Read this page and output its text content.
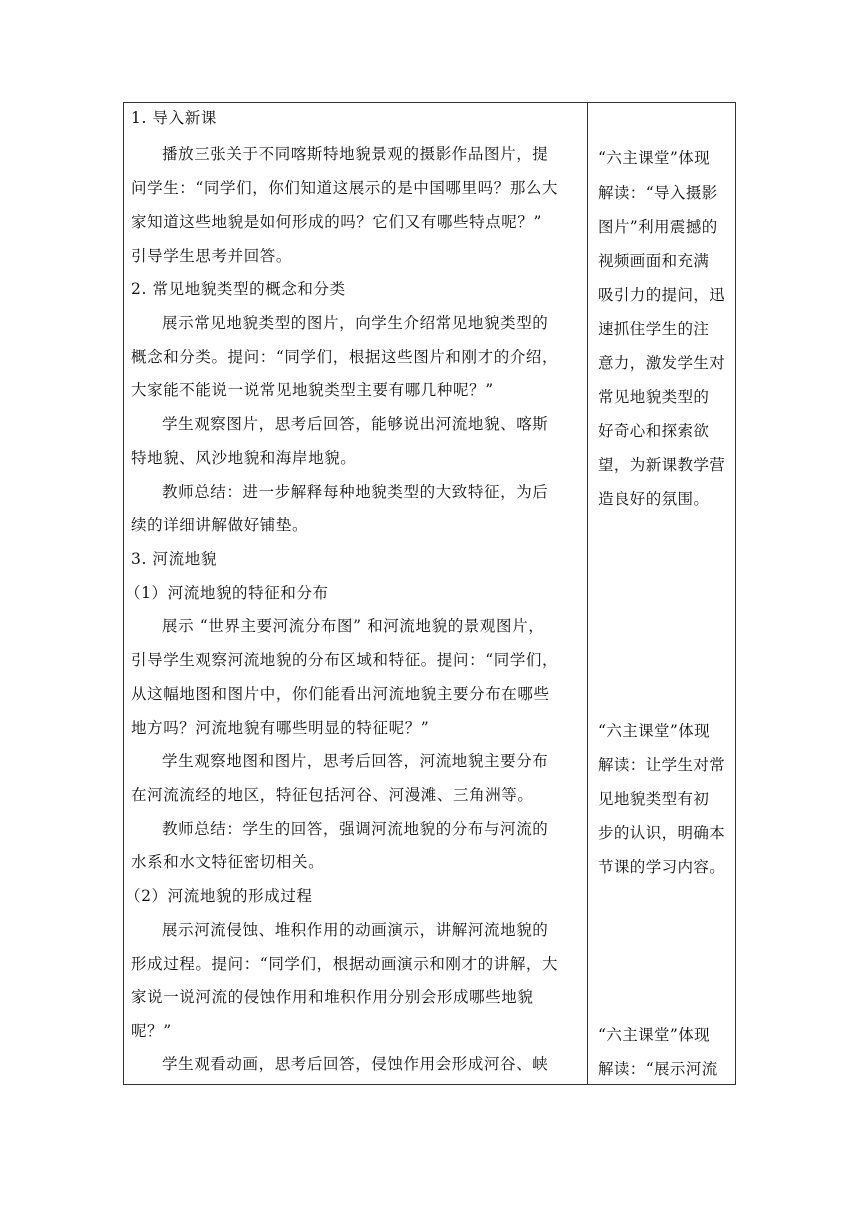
1. 导入新课
播放三张关于不同喀斯特地貌景观的摄影作品图片，提
问学生：“同学们，你们知道这展示的是中国哪里吗？那么大
家知道这些地貌是如何形成的吗？它们又有哪些特点呢？”
引导学生思考并回答。
2. 常见地貌类型的概念和分类
展示常见地貌类型的图片，向学生介绍常见地貌类型的
概念和分类。提问：“同学们，根据这些图片和刚才的介绍，
大家能不能说一说常见地貌类型主要有哪几种呢？”
学生观察图片，思考后回答，能够说出河流地貌、喀斯
特地貌、风沙地貌和海岸地貌。
教师总结：进一步解释每种地貌类型的大致特征，为后
续的详细讲解做好铺垫。
3. 河流地貌
（1）河流地貌的特征和分布
展示 “世界主要河流分布图” 和河流地貌的景观图片，
引导学生观察河流地貌的分布区域和特征。提问：“同学们，
从这幅地图和图片中，你们能看出河流地貌主要分布在哪些
地方吗？河流地貌有哪些明显的特征呢？”
学生观察地图和图片，思考后回答，河流地貌主要分布
在河流流经的地区，特征包括河谷、河漫滩、三角洲等。
教师总结：学生的回答，强调河流地貌的分布与河流的
水系和水文特征密切相关。
（2）河流地貌的形成过程
展示河流侵蚀、堆积作用的动画演示，讲解河流地貌的
形成过程。提问：“同学们，根据动画演示和刚才的讲解，大
家说一说河流的侵蚀作用和堆积作用分别会形成哪些地貌
呢？”
学生观看动画，思考后回答，侵蚀作用会形成河谷、峡
“六主课堂”体现
解读：“导入摄影
图片”利用震撼的
视频画面和充满
吸引力的提问，迅
速抓住学生的注
意力，激发学生对
常见地貌类型的
好奇心和探索欲
望，为新课教学营
造良好的氛围。
“六主课堂”体现
解读：让学生对常
见地貌类型有初
步的认识，明确本
节课的学习内容。
“六主课堂”体现
解读：“展示河流
